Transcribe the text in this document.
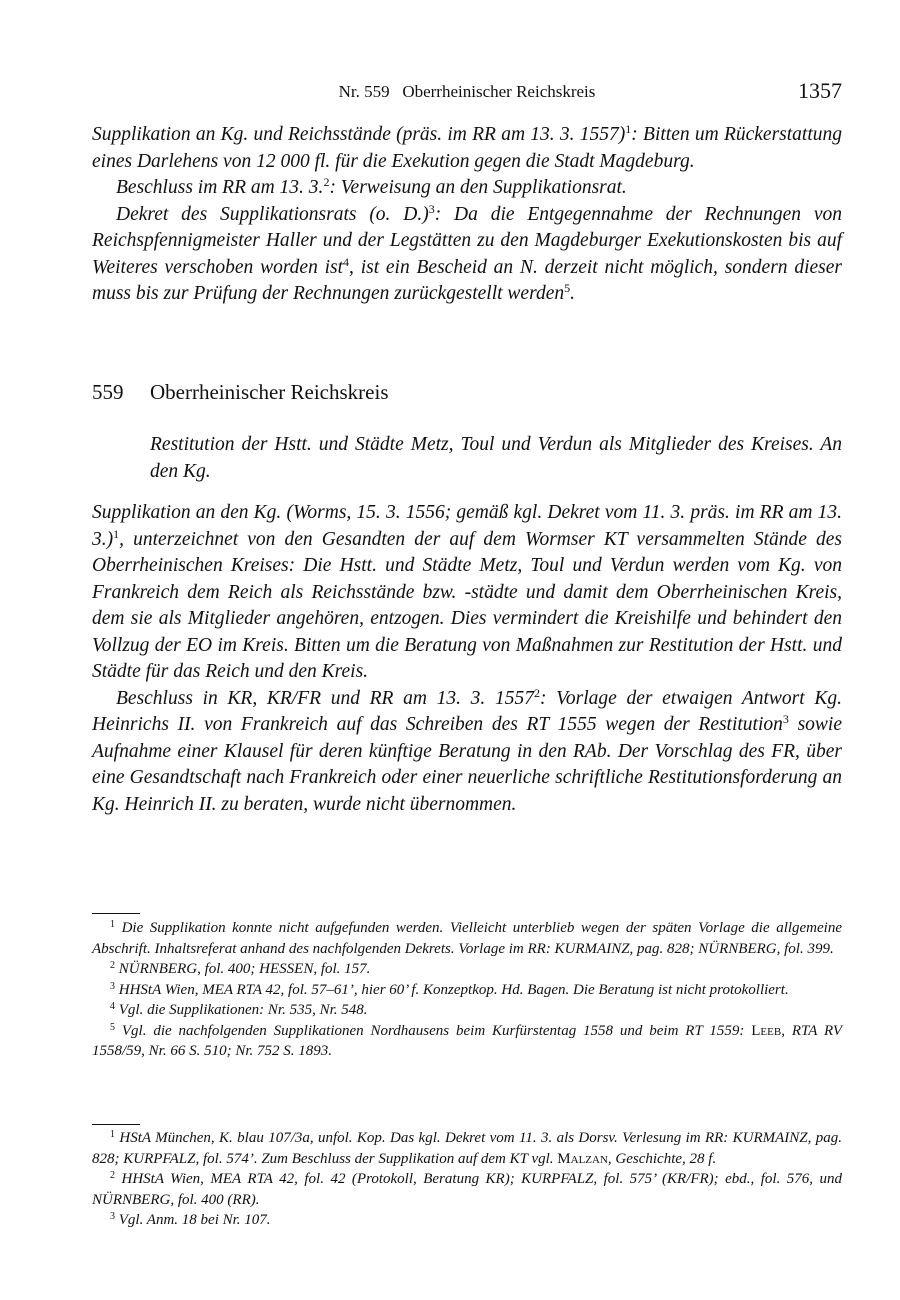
Nr. 559   Oberrheinischer Reichskreis	1357

Supplikation an Kg. und Reichsstände (präs. im RR am 13. 3. 1557)$^1$: Bitten um Rückerstattung eines Darlehens von 12 000 fl. für die Exekution gegen die Stadt Magdeburg.

Beschluss im RR am 13. 3.$^2$: Verweisung an den Supplikationsrat.

Dekret des Supplikationsrats (o. D.)$^3$: Da die Entgegennahme der Rechnungen von Reichspfennigmeister Haller und der Legstätten zu den Magdeburger Exekutionskosten bis auf Weiteres verschoben worden ist$^4$, ist ein Bescheid an N. derzeit nicht möglich, sondern dieser muss bis zur Prüfung der Rechnungen zurückgestellt werden$^5$.

559 Oberrheinischer Reichskreis
Restitution der Hstt. und Städte Metz, Toul und Verdun als Mitglieder des Kreises. An den Kg.

Supplikation an den Kg. (Worms, 15. 3. 1556; gemäß kgl. Dekret vom 11. 3. präs. im RR am 13. 3.)$^1$, unterzeichnet von den Gesandten der auf dem Wormser KT versammelten Stände des Oberrheinischen Kreises: Die Hstt. und Städte Metz, Toul und Verdun werden vom Kg. von Frankreich dem Reich als Reichsstände bzw. -städte und damit dem Oberrheinischen Kreis, dem sie als Mitglieder angehören, entzogen. Dies vermindert die Kreishilfe und behindert den Vollzug der EO im Kreis. Bitten um die Beratung von Maßnahmen zur Restitution der Hstt. und Städte für das Reich und den Kreis.

Beschluss in KR, KR/FR und RR am 13. 3. 1557$^2$: Vorlage der etwaigen Antwort Kg. Heinrichs II. von Frankreich auf das Schreiben des RT 1555 wegen der Restitution$^3$ sowie Aufnahme einer Klausel für deren künftige Beratung in den RAb. Der Vorschlag des FR, über eine Gesandtschaft nach Frankreich oder einer neuerliche schriftliche Restitutionsforderung an Kg. Heinrich II. zu beraten, wurde nicht übernommen.

$^1$ Die Supplikation konnte nicht aufgefunden werden. Vielleicht unterblieb wegen der späten Vorlage die allgemeine Abschrift. Inhaltsreferat anhand des nachfolgenden Dekrets. Vorlage im RR: KURMAINZ, pag. 828; NÜRNBERG, fol. 399.

$^2$ NÜRNBERG, fol. 400; HESSEN, fol. 157.

$^3$ HHStA Wien, MEA RTA 42, fol. 57–61’, hier 60’ f. Konzeptkop. Hd. Bagen. Die Beratung ist nicht protokolliert.

$^4$ Vgl. die Supplikationen: Nr. 535, Nr. 548.

$^5$ Vgl. die nachfolgenden Supplikationen Nordhausens beim Kurfürstentag 1558 und beim RT 1559: Leeb, RTA RV 1558/59, Nr. 66 S. 510; Nr. 752 S. 1893.

$^1$ HStA München, K. blau 107/3a, unfol. Kop. Das kgl. Dekret vom 11. 3. als Dorsv. Verlesung im RR: KURMAINZ, pag. 828; KURPFALZ, fol. 574’. Zum Beschluss der Supplikation auf dem KT vgl. Malzan, Geschichte, 28 f.

$^2$ HHStA Wien, MEA RTA 42, fol. 42 (Protokoll, Beratung KR); KURPFALZ, fol. 575’ (KR/FR); ebd., fol. 576, und NÜRNBERG, fol. 400 (RR).

$^3$ Vgl. Anm. 18 bei Nr. 107.
